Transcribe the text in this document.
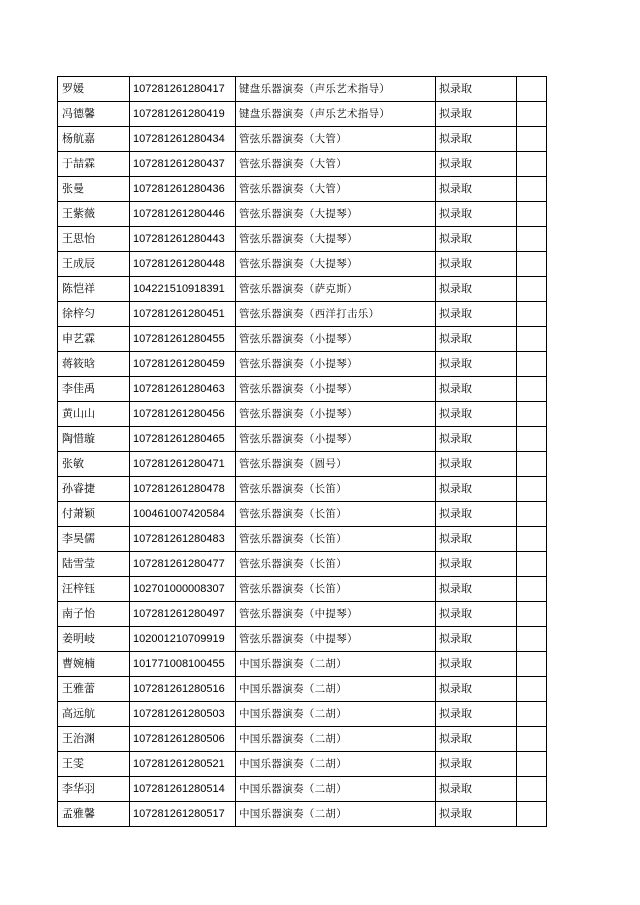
罗媛	107281261280417	键盘乐器演奏（声乐艺术指导）	拟录取	
冯德馨	107281261280419	键盘乐器演奏（声乐艺术指导）	拟录取	
杨航嘉	107281261280434	管弦乐器演奏（大管）	拟录取	
于喆霖	107281261280437	管弦乐器演奏（大管）	拟录取	
张曼	107281261280436	管弦乐器演奏（大管）	拟录取	
王紫薇	107281261280446	管弦乐器演奏（大提琴）	拟录取	
王思怡	107281261280443	管弦乐器演奏（大提琴）	拟录取	
王成辰	107281261280448	管弦乐器演奏（大提琴）	拟录取	
陈恺祥	104221510918391	管弦乐器演奏（萨克斯）	拟录取	
徐梓匀	107281261280451	管弦乐器演奏（西洋打击乐）	拟录取	
申艺霖	107281261280455	管弦乐器演奏（小提琴）	拟录取	
蒋筱晗	107281261280459	管弦乐器演奏（小提琴）	拟录取	
李佳禹	107281261280463	管弦乐器演奏（小提琴）	拟录取	
黄山山	107281261280456	管弦乐器演奏（小提琴）	拟录取	
陶惜璇	107281261280465	管弦乐器演奏（小提琴）	拟录取	
张敏	107281261280471	管弦乐器演奏（圆号）	拟录取	
孙睿捷	107281261280478	管弦乐器演奏（长笛）	拟录取	
付萧颖	100461007420584	管弦乐器演奏（长笛）	拟录取	
李昊儒	107281261280483	管弦乐器演奏（长笛）	拟录取	
陆雪莹	107281261280477	管弦乐器演奏（长笛）	拟录取	
汪梓钰	102701000008307	管弦乐器演奏（长笛）	拟录取	
南子怡	107281261280497	管弦乐器演奏（中提琴）	拟录取	
姜明岐	102001210709919	管弦乐器演奏（中提琴）	拟录取	
曹婉楠	101771008100455	中国乐器演奏（二胡）	拟录取	
王雅蕾	107281261280516	中国乐器演奏（二胡）	拟录取	
高远航	107281261280503	中国乐器演奏（二胡）	拟录取	
王治渊	107281261280506	中国乐器演奏（二胡）	拟录取	
王雯	107281261280521	中国乐器演奏（二胡）	拟录取	
李华羽	107281261280514	中国乐器演奏（二胡）	拟录取	
孟雅馨	107281261280517	中国乐器演奏（二胡）	拟录取	
